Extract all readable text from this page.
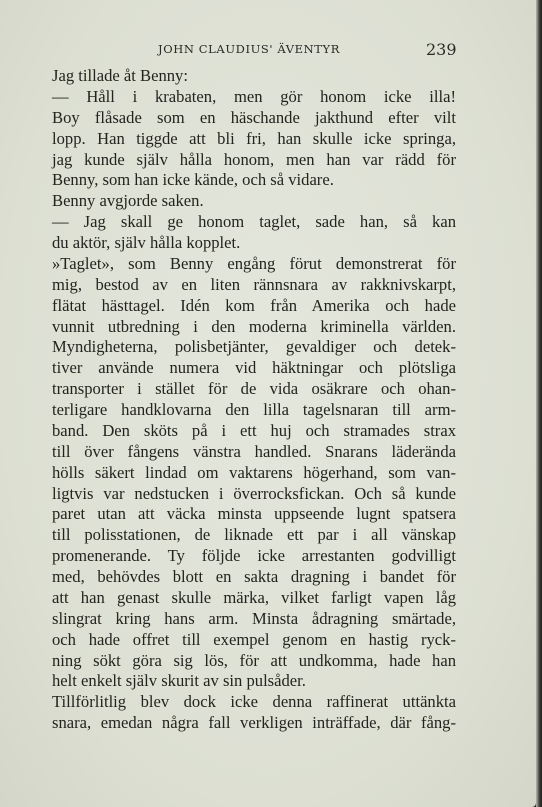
JOHN CLAUDIUS' ÄVENTYR	239
Jag tillade åt Benny:
— Håll i krabaten, men gör honom icke illa!
Boy flåsade som en häschande jakthund efter vilt
lopp. Han tiggde att bli fri, han skulle icke springa,
jag kunde själv hålla honom, men han var rädd för
Benny, som han icke kände, och så vidare.
Benny avgjorde saken.
— Jag skall ge honom taglet, sade han, så kan
du aktör, själv hålla kopplet.
»Taglet», som Benny engång förut demonstrerat för
mig, bestod av en liten rännsnara av rakknivskarpt,
flätat hästtagel. Idén kom från Amerika och hade
vunnit utbredning i den moderna kriminella världen.
Myndigheterna, polisbetjänter, gevaldiger och detek-
tiver använde numera vid häktningar och plötsliga
transporter i stället för de vida osäkrare och ohan-
terligare handklovarna den lilla tagelsnaran till arm-
band. Den sköts på i ett huj och stramades strax
till över fångens vänstra handled. Snarans läderända
hölls säkert lindad om vaktarens högerhand, som van-
ligtvis var nedstucken i överrocksfickan. Och så kunde
paret utan att väcka minsta uppseende lugnt spatsera
till polisstationen, de liknade ett par i all vänskap
promenerande. Ty följde icke arrestanten godvilligt
med, behövdes blott en sakta dragning i bandet för
att han genast skulle märka, vilket farligt vapen låg
slingrat kring hans arm. Minsta ådragning smärtade,
och hade offret till exempel genom en hastig ryck-
ning sökt göra sig lös, för att undkomma, hade han
helt enkelt själv skurit av sin pulsåder.
Tillförlitlig blev dock icke denna raffinerat uttänkta
snara, emedan några fall verkligen inträffade, där fång-
